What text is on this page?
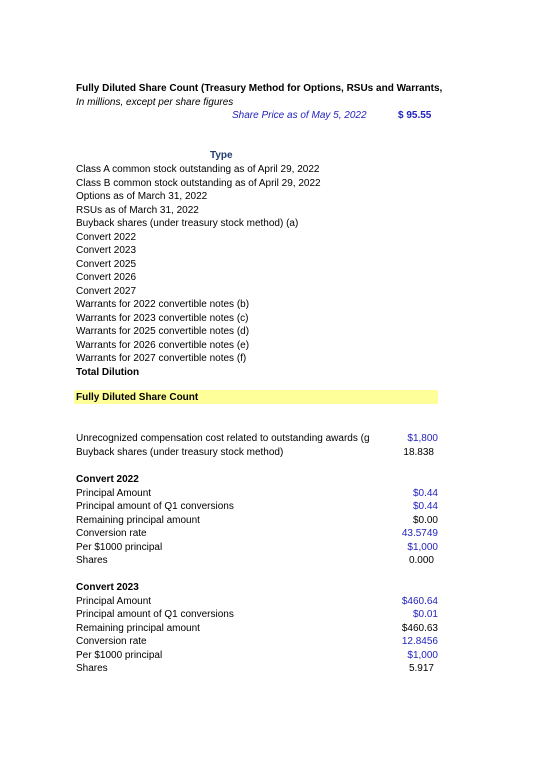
Fully Diluted Share Count (Treasury Method for Options, RSUs and Warrants,
In millions, except per share figures
Share Price as of May 5, 2022	$ 95.55
Type
Class A common stock outstanding as of April 29, 2022
Class B common stock outstanding as of April 29, 2022
Options as of March 31, 2022
RSUs as of March 31, 2022
Buyback shares (under treasury stock method) (a)
Convert 2022
Convert 2023
Convert 2025
Convert 2026
Convert 2027
Warrants for 2022 convertible notes (b)
Warrants for 2023 convertible notes (c)
Warrants for 2025 convertible notes (d)
Warrants for 2026 convertible notes (e)
Warrants for 2027 convertible notes (f)
Total Dilution
Fully Diluted Share Count
Unrecognized compensation cost related to outstanding awards (g	$1,800
Buyback shares (under treasury stock method)	18.838
Convert 2022
Principal Amount	$0.44
Principal amount of Q1 conversions	$0.44
Remaining principal amount	$0.00
Conversion rate	43.5749
Per $1000 principal	$1,000
Shares	0.000
Convert 2023
Principal Amount	$460.64
Principal amount of Q1 conversions	$0.01
Remaining principal amount	$460.63
Conversion rate	12.8456
Per $1000 principal	$1,000
Shares	5.917
